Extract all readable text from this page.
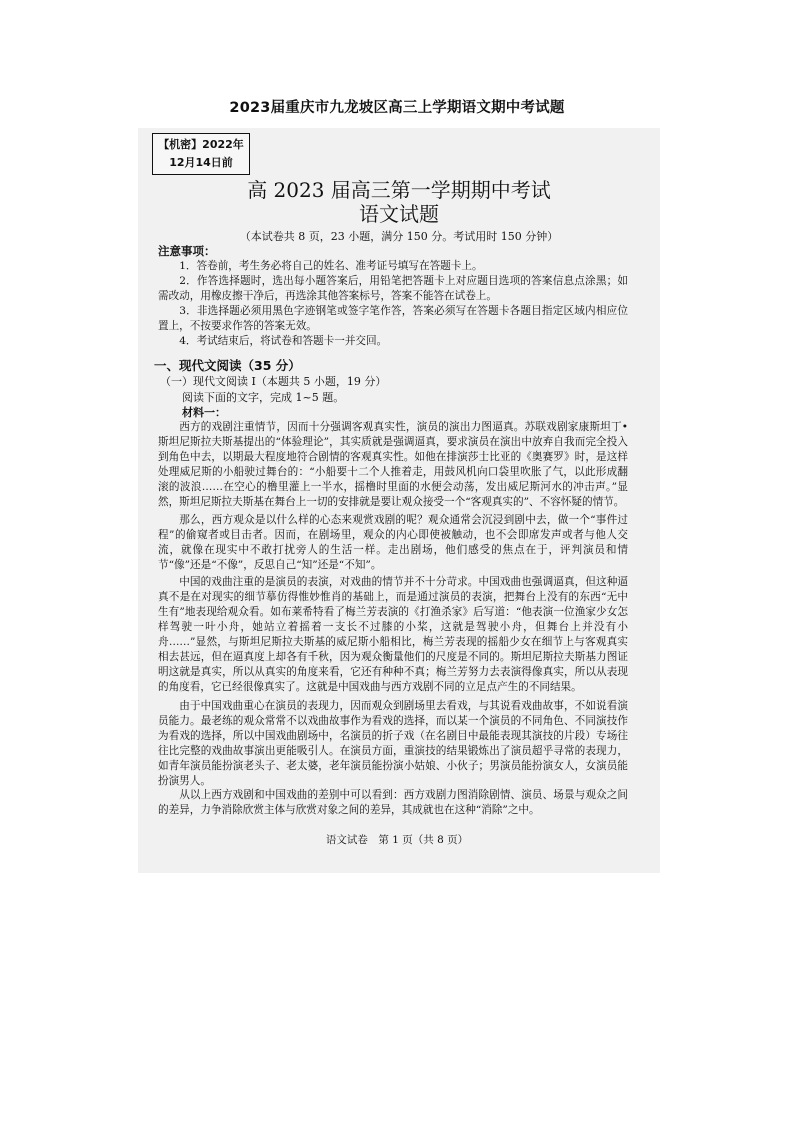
2023届重庆市九龙坡区高三上学期语文期中考试题
【机密】2022年
12月14日前
高 2023 届高三第一学期期中考试
语文试题
（本试卷共 8 页，23 小题，满分 150 分。考试用时 150 分钟）
注意事项：
1．答卷前，考生务必将自己的姓名、准考证号填写在答题卡上。
2．作答选择题时，选出每小题答案后，用铅笔把答题卡上对应题目选项的答案信息点涂黑；如需改动，用橡皮擦干净后，再选涂其他答案标号，答案不能答在试卷上。
3．非选择题必须用黑色字迹钢笔或签字笔作答，答案必须写在答题卡各题目指定区域内相应位置上，不按要求作答的答案无效。
4．考试结束后，将试卷和答题卡一并交回。
一、现代文阅读（35 分）
（一）现代文阅读 I（本题共 5 小题，19 分）
阅读下面的文字，完成 1~5 题。
材料一：
西方的戏剧注重情节，因而十分强调客观真实性，演员的演出力图逼真。苏联戏剧家康斯坦丁•斯坦尼斯拉夫斯基提出的“体验理论”，其实质就是强调逼真，要求演员在演出中放弃自我而完全投入到角色中去，以期最大程度地符合剧情的客观真实性。如他在排演莎士比亚的《奥赛罗》时，是这样处理威尼斯的小船驶过舞台的：“小船要十二个人推着走，用鼓风机向口袋里吹胀了气，以此形成翻滚的波浪……在空心的橹里灌上一半水，摇橹时里面的水便会动荡，发出威尼斯河水的冲击声。”显然，斯坦尼斯拉夫斯基在舞台上一切的安排就是要让观众接受一个“客观真实的”、不容怀疑的情节。
那么，西方观众是以什么样的心态来观赏戏剧的呢？观众通常会沉浸到剧中去，做一个“事件过程”的偷窥者或目击者。因而，在剧场里，观众的内心即使被触动，也不会即席发声或者与他人交流，就像在现实中不敢打扰旁人的生活一样。走出剧场，他们感受的焦点在于，评判演员和情节“像”还是“不像”，反思自己“知”还是“不知”。
中国的戏曲注重的是演员的表演，对戏曲的情节并不十分苛求。中国戏曲也强调逼真，但这种逼真不是在对现实的细节摹仿得惟妙惟肖的基础上，而是通过演员的表演，把舞台上没有的东西“无中生有”地表现给观众看。如布莱希特看了梅兰芳表演的《打渔杀家》后写道：“他表演一位渔家少女怎样驾驶一叶小舟，她站立着摇着一支长不过膝的小桨，这就是驾驶小舟，但舞台上并没有小舟……”显然，与斯坦尼斯拉夫斯基的威尼斯小船相比，梅兰芳表现的摇船少女在细节上与客观真实相去甚远，但在逼真度上却各有千秋，因为观众衡量他们的尺度是不同的。斯坦尼斯拉夫斯基力图证明这就是真实，所以从真实的角度来看，它还有种种不真；梅兰芳努力去表演得像真实，所以从表现的角度看，它已经很像真实了。这就是中国戏曲与西方戏剧不同的立足点产生的不同结果。
由于中国戏曲重心在演员的表现力，因而观众到剧场里去看戏，与其说看戏曲故事，不如说看演员能力。最老练的观众常常不以戏曲故事作为看戏的选择，而以某一个演员的不同角色、不同演技作为看戏的选择，所以中国戏曲剧场中，名演员的折子戏（在名剧目中最能表现其演技的片段）专场往往比完整的戏曲故事演出更能吸引人。在演员方面，重演技的结果锻炼出了演员超乎寻常的表现力，如青年演员能扮演老头子、老太婆，老年演员能扮演小姑娘、小伙子；男演员能扮演女人，女演员能扮演男人。
从以上西方戏剧和中国戏曲的差别中可以看到：西方戏剧力图消除剧情、演员、场景与观众之间的差异，力争消除欣赏主体与欣赏对象之间的差异，其成就也在这种“消除”之中。
语文试卷　第 1 页（共 8 页）
